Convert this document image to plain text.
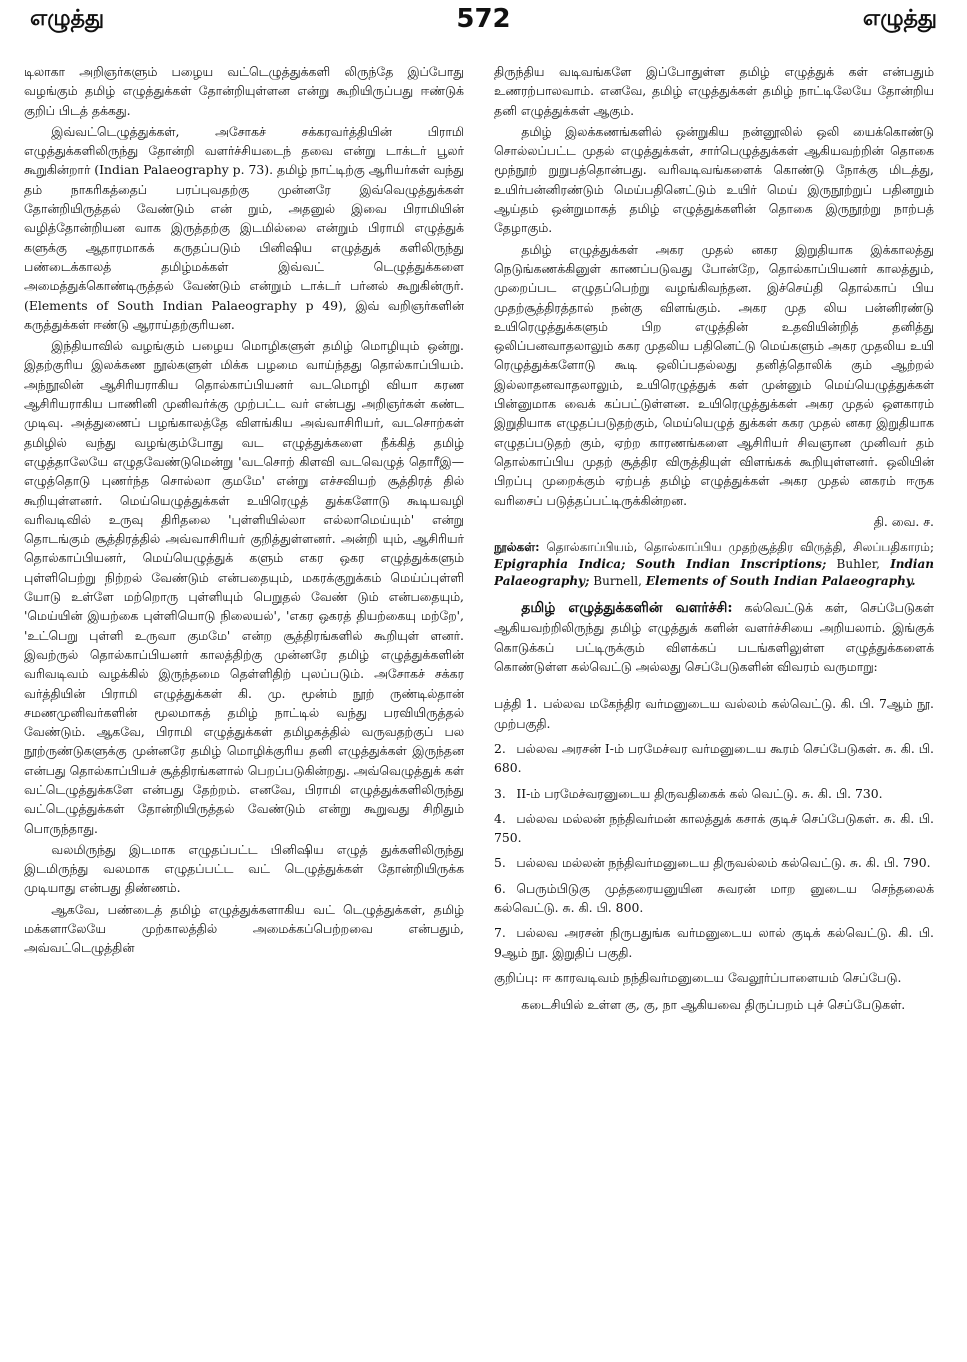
எழுத்து	572	எழுத்து

டிலாகா அறிஞர்களும் பழைய வட்டெழுத்துக்களி லிருந்தே இப்போது வழங்கும் தமிழ் எழுத்துக்கள் தோன்றியுள்ளன என்று கூறியிருப்பது ஈண்டுக் குறிப் பிடத் தக்கது.

இவ்வட்டெழுத்துக்கள், அசோகச் சக்கரவர்த்தியின் பிராமி எழுத்துக்களிலிருந்து தோன்றி வளர்ச்சியடைந் தவை என்று டாக்டர் பூலர் கூறுகின்றார் (Indian Palaeography p. 73). தமிழ் நாட்டிற்கு ஆரியர்கள் வந்து தம் நாகரிகத்தைப் பரப்புவதற்கு முன்னரே இவ்வெழுத்துக்கள் தோன்றியிருத்தல் வேண்டும் என் றும், அதனுல் இவை பிராமியின் வழித்தோன்றியன வாக இருத்தற்கு இடமில்லை என்றும் பிராமி எழுத்துக் களுக்கு ஆதாரமாகக் கருதப்படும் பினிஷிய எழுத்துக் களிலிருந்து பண்டைக்காலத் தமிழ்மக்கள் இவ்வட் டெழுத்துக்களை அமைத்துக்கொண்டிருத்தல் வேண்டும் என்றும் டாக்டர் பர்னல் கூறுகின்ருர். (Elements of South Indian Palaeography p 49), இவ் வறிஞர்களின் கருத்துக்கள் ஈண்டு ஆராய்தற்குரியன.

இந்தியாவில் வழங்கும் பழைய மொழிகளுள் தமிழ் மொழியும் ஒன்று. இதற்குரிய இலக்கண நூல்களுள் மிக்க பழமை வாய்ந்தது தொல்காப்பியம். அந்நூலின் ஆசிரியராகிய தொல்காப்பியனர் வடமொழி வியா கரண ஆசிரியராகிய பாணினி முனிவர்க்கு முற்பட்ட வர் என்பது அறிஞர்கள் கண்ட முடிவு. அத்துணைப் பழங்காலத்தே விளங்கிய அவ்வாசிரியர், வடசொற்கள் தமிழில் வந்து வழங்கும்போது வட எழுத்துக்களை நீக்கித் தமிழ் எழுத்தாலேயே எழுதவேண்டுமென்று 'வடசொற் கிளவி வடவெழுத் தொரீஇ—எழுத்தொடு புணர்ந்த சொல்லா குமமே' என்று எச்சவியற் சூத்திரத் தில் கூறியுள்ளனர். மெய்யெழுத்துக்கள் உயிரெழுத் துக்களோடு கூடியவழி வரிவடிவில் உருவு திரிதலை 'புள்ளியில்லா எல்லாமெய்யும்' என்று தொடங்கும் சூத்திரத்தில் அவ்வாசிரியர் குறித்துள்ளனர். அன்றி யும், ஆசிரியர் தொல்காப்பியனர், மெய்யெழுத்துக் களும் எகர ஒகர எழுத்துக்களும் புள்ளிபெற்று நிற்றல் வேண்டும் என்பதையும், மகரக்குறுக்கம் மெய்ப்புள்ளி யோடு உள்ளே மற்றொரு புள்ளியும் பெறுதல் வேண் டும் என்பதையும், 'மெய்யின் இயற்கை புள்ளியொடு நிலையல்', 'எகர ஒகரத் தியற்கையு மற்றே', 'உட்பெறு புள்ளி உருவா குமமே' என்ற சூத்திரங்களில் கூறியுள் ளனர். இவற்ருல் தொல்காப்பியனர் காலத்திற்கு முன்னரே தமிழ் எழுத்துக்களின் வரிவடிவம் வழக்கில் இருந்தமை தெள்ளிதிற் புலப்படும். அசோகச் சக்கர வர்த்தியின் பிராமி எழுத்துக்கள் கி. மு. மூன்ம் நூற் ருண்டில்தான் சமணமுனிவர்களின் மூலமாகத் தமிழ் நாட்டில் வந்து பரவியிருத்தல் வேண்டும். ஆகவே, பிராமி எழுத்துக்கள் தமிழகத்தில் வருவதற்குப் பல நூற்ருண்டுகளுக்கு முன்னரே தமிழ் மொழிக்குரிய தனி எழுத்துக்கள் இருந்தன என்பது தொல்காப்பியச் சூத்திரங்களால் பெறப்படுகின்றது. அவ்வெழுத்துக் கள் வட்டெழுத்துக்களே என்பது தேற்றம். எனவே, பிராமி எழுத்துக்களிலிருந்து வட்டெழுத்துக்கள் தோன்றியிருத்தல் வேண்டும் என்று கூறுவது சிறிதும் பொருந்தாது.

வலமிருந்து இடமாக எழுதப்பட்ட பினிஷிய எழுத் துக்களிலிருந்து இடமிருந்து வலமாக எழுதப்பட்ட வட் டெழுத்துக்கள் தோன்றியிருக்க முடியாது என்பது திண்ணம்.

ஆகவே, பண்டைத் தமிழ் எழுத்துக்களாகிய வட் டெழுத்துக்கள், தமிழ் மக்களாலேயே முற்காலத்தில் அமைக்கப்பெற்றவை என்பதும், அவ்வட்டெழுத்தின்

திருந்திய வடிவங்களே இப்போதுள்ள தமிழ் எழுத்துக் கள் என்பதும் உணரற்பாலவாம். எனவே, தமிழ் எழுத்துக்கள் தமிழ் நாட்டிலேயே தோன்றிய தனி எழுத்துக்கள் ஆகும்.

தமிழ் இலக்கணங்களில் ஒன்றுகிய நன்னூலில் ஒலி யைக்கொண்டு சொல்லப்பட்ட முதல் எழுத்துக்கள், சார்பெழுத்துக்கள் ஆகியவற்றின் தொகை மூந்நூற் றுறுபத்தொன்பது. வரிவடிவங்களைக் கொண்டு நோக்கு மிடத்து, உயிர்பன்னிரண்டும் மெய்பதினெட்டும் உயிர் மெய் இருநூற்றுப் பதினறும் ஆய்தம் ஒன்றுமாகத் தமிழ் எழுத்துக்களின் தொகை இருநூற்று நாற்பத் தேழாகும்.

தமிழ் எழுத்துக்கள் அகர முதல் னகர இறுதியாக இக்காலத்து நெடுங்கணக்கினுள் காணப்படுவது போன்றே, தொல்காப்பியனர் காலத்தும், முறைப்பட எழுதப்பெற்று வழங்கிவந்தன. இச்செய்தி தொல்காப் பிய முதற்சூத்திரத்தால் நன்கு விளங்கும். அகர முத லிய பன்னிரண்டு உயிரெழுத்துக்களும் பிற எழுத்தின் உதவியின்றித் தனித்து ஒலிப்பனவாதலாலும் ககர முதலிய பதினெட்டு மெய்களும் அகர முதலிய உயி ரெழுத்துக்களோடு கூடி ஒலிப்பதல்லது தனித்தொலிக் கும் ஆற்றல் இல்லாதனவாதலாலும், உயிரெழுத்துக் கள் முன்னும் மெய்யெழுத்துக்கள் பின்னுமாக வைக் கப்பட்டுள்ளன. உயிரெழுத்துக்கள் அகர முதல் ஔகாரம் இறுதியாக எழுதப்படுதற்கும், மெய்யெழுத் துக்கள் ககர முதல் னகர இறுதியாக எழுதப்படுதற் கும், ஏற்ற காரணங்களை ஆசிரியர் சிவஞான முனிவர் தம் தொல்காப்பிய முதற் சூத்திர விருத்தியுள் விளங்கக் கூறியுள்ளனர். ஒலியின் பிறப்பு முறைக்கும் ஏற்பத் தமிழ் எழுத்துக்கள் அகர முதல் னகரம் ஈருக வரிசைப் படுத்தப்பட்டிருக்கின்றன.

தி. வை. ச.

நூல்கள்: தொல்காப்பியம், தொல்காப்பிய முதற்சூத்திர விருத்தி, சிலப்பதிகாரம்; Epigraphia Indica; South Indian Inscriptions; Buhler, Indian Palaeography; Burnell, Elements of South Indian Palaeography.

தமிழ் எழுத்துக்களின் வளர்ச்சி: கல்வெட்டுக் கள், செப்பேடுகள் ஆகியவற்றிலிருந்து தமிழ் எழுத்துக் களின் வளர்ச்சியை அறியலாம். இங்குக் கொடுக்கப் பட்டிருக்கும் விளக்கப் படங்களிலுள்ள எழுத்துக்களைக் கொண்டுள்ள கல்வெட்டு அல்லது செப்பேடுகளின் விவரம் வருமாறு:

பத்தி 1. பல்லவ மகேந்திர வர்மனுடைய வல்லம் கல்வெட்டு. கி. பி. 7ஆம் நூ. முற்பகுதி.
2. பல்லவ அரசன் I-ம் பரமேச்வர வர்மனுடைய கூரம் செப்பேடுகள். சு. கி. பி. 680.
3. II-ம் பரமேச்வரனுடைய திருவதிகைக் கல் வெட்டு. சு. கி. பி. 730.
4. பல்லவ மல்லன் நந்திவர்மன் காலத்துக் கசாக் குடிச் செப்பேடுகள். சு. கி. பி. 750.
5. பல்லவ மல்லன் நந்திவர்மனுடைய திருவல்லம் கல்வெட்டு. சு. கி. பி. 790.
6. பெரும்பிடுகு முத்தரையனுயின சுவரன் மாற னுடைய செந்தலைக் கல்வெட்டு. சு. கி. பி. 800.
7. பல்லவ அரசன் நிருபதுங்க வர்மனுடைய லால் குடிக் கல்வெட்டு. கி. பி. 9ஆம் நூ. இறுதிப் பகுதி.

குறிப்பு: ஈ காரவடிவம் நந்திவர்மனுடைய வேலூர்ப்பாளையம் செப்பேடு.

கடைசியில் உள்ள கு, கு, நா ஆகியவை திருப்பறம் புச் செப்பேடுகள்.
